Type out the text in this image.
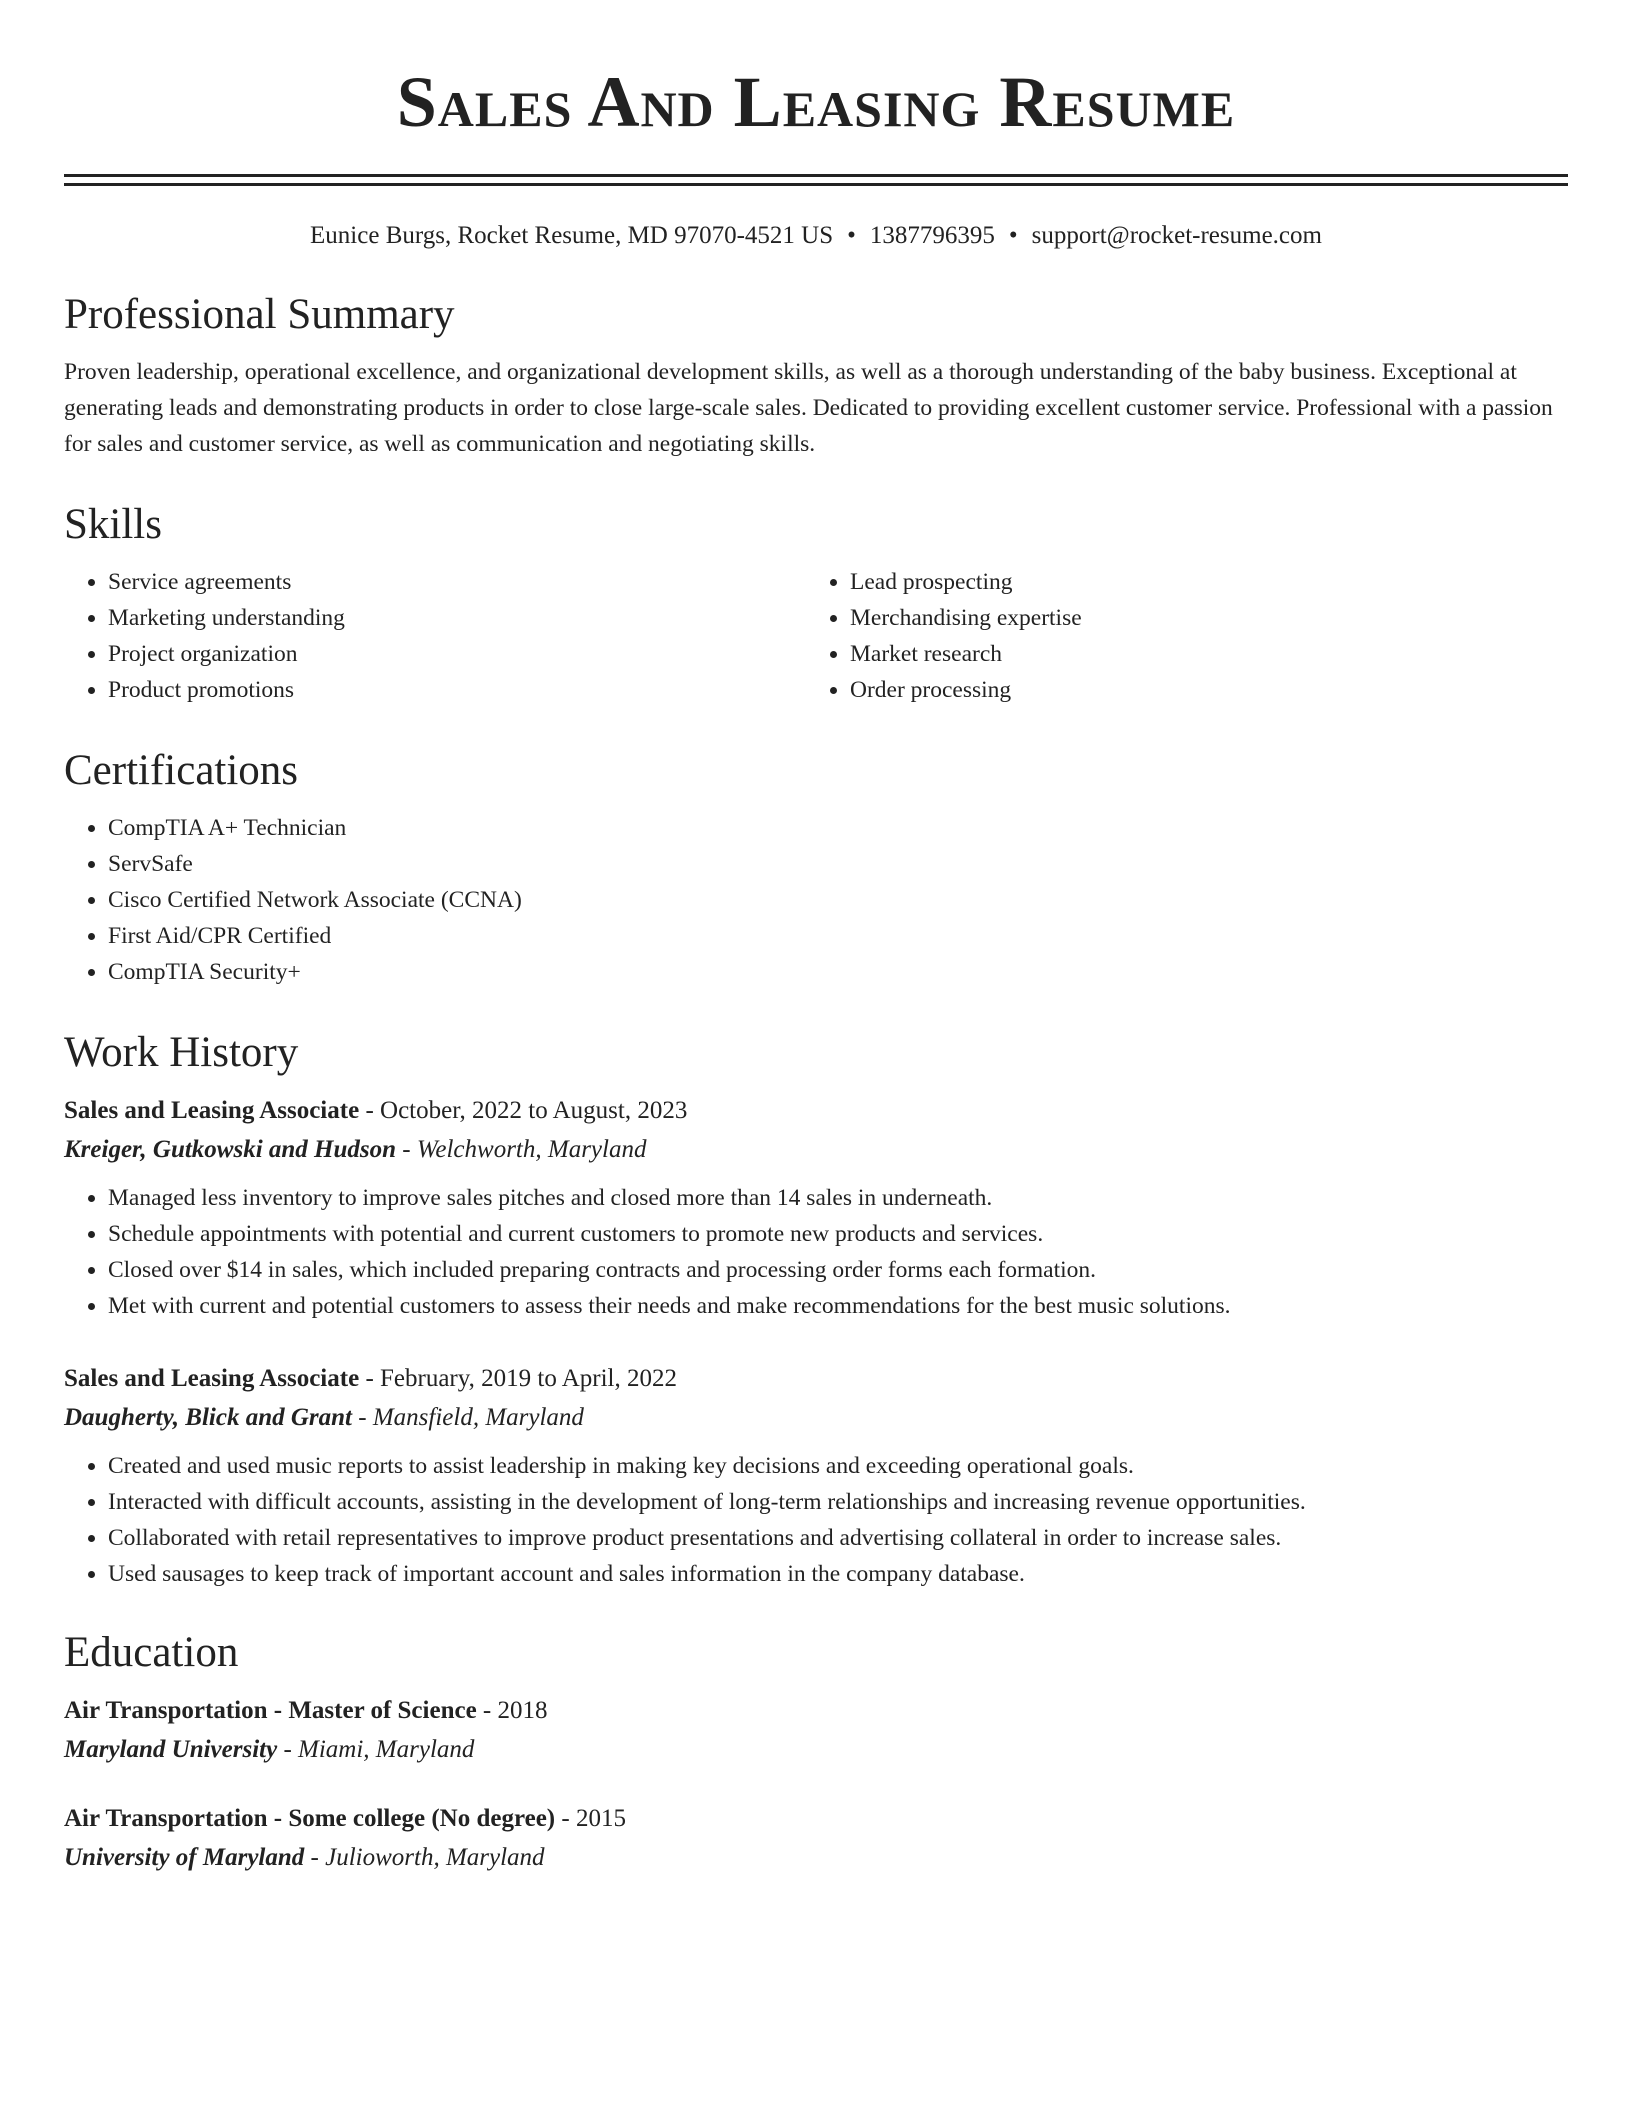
Sales And Leasing Resume
Eunice Burgs, Rocket Resume, MD 97070-4521 US • 1387796395 • support@rocket-resume.com
Professional Summary

Proven leadership, operational excellence, and organizational development skills, as well as a thorough understanding of the baby business. Exceptional at generating leads and demonstrating products in order to close large-scale sales. Dedicated to providing excellent customer service. Professional with a passion for sales and customer service, as well as communication and negotiating skills.

Skills
• Service agreements
• Marketing understanding
• Project organization
• Product promotions
• Lead prospecting
• Merchandising expertise
• Market research
• Order processing
Certifications
• CompTIA A+ Technician
• ServSafe
• Cisco Certified Network Associate (CCNA)
• First Aid/CPR Certified
• CompTIA Security+
Work History
Sales and Leasing Associate - October, 2022 to August, 2023
Kreiger, Gutkowski and Hudson - Welchworth, Maryland
• Managed less inventory to improve sales pitches and closed more than 14 sales in underneath.
• Schedule appointments with potential and current customers to promote new products and services.
• Closed over $14 in sales, which included preparing contracts and processing order forms each formation.
• Met with current and potential customers to assess their needs and make recommendations for the best music solutions.
Sales and Leasing Associate - February, 2019 to April, 2022
Daugherty, Blick and Grant - Mansfield, Maryland
• Created and used music reports to assist leadership in making key decisions and exceeding operational goals.
• Interacted with difficult accounts, assisting in the development of long-term relationships and increasing revenue opportunities.
• Collaborated with retail representatives to improve product presentations and advertising collateral in order to increase sales.
• Used sausages to keep track of important account and sales information in the company database.
Education
Air Transportation - Master of Science - 2018
Maryland University - Miami, Maryland
Air Transportation - Some college (No degree) - 2015
University of Maryland - Julioworth, Maryland
